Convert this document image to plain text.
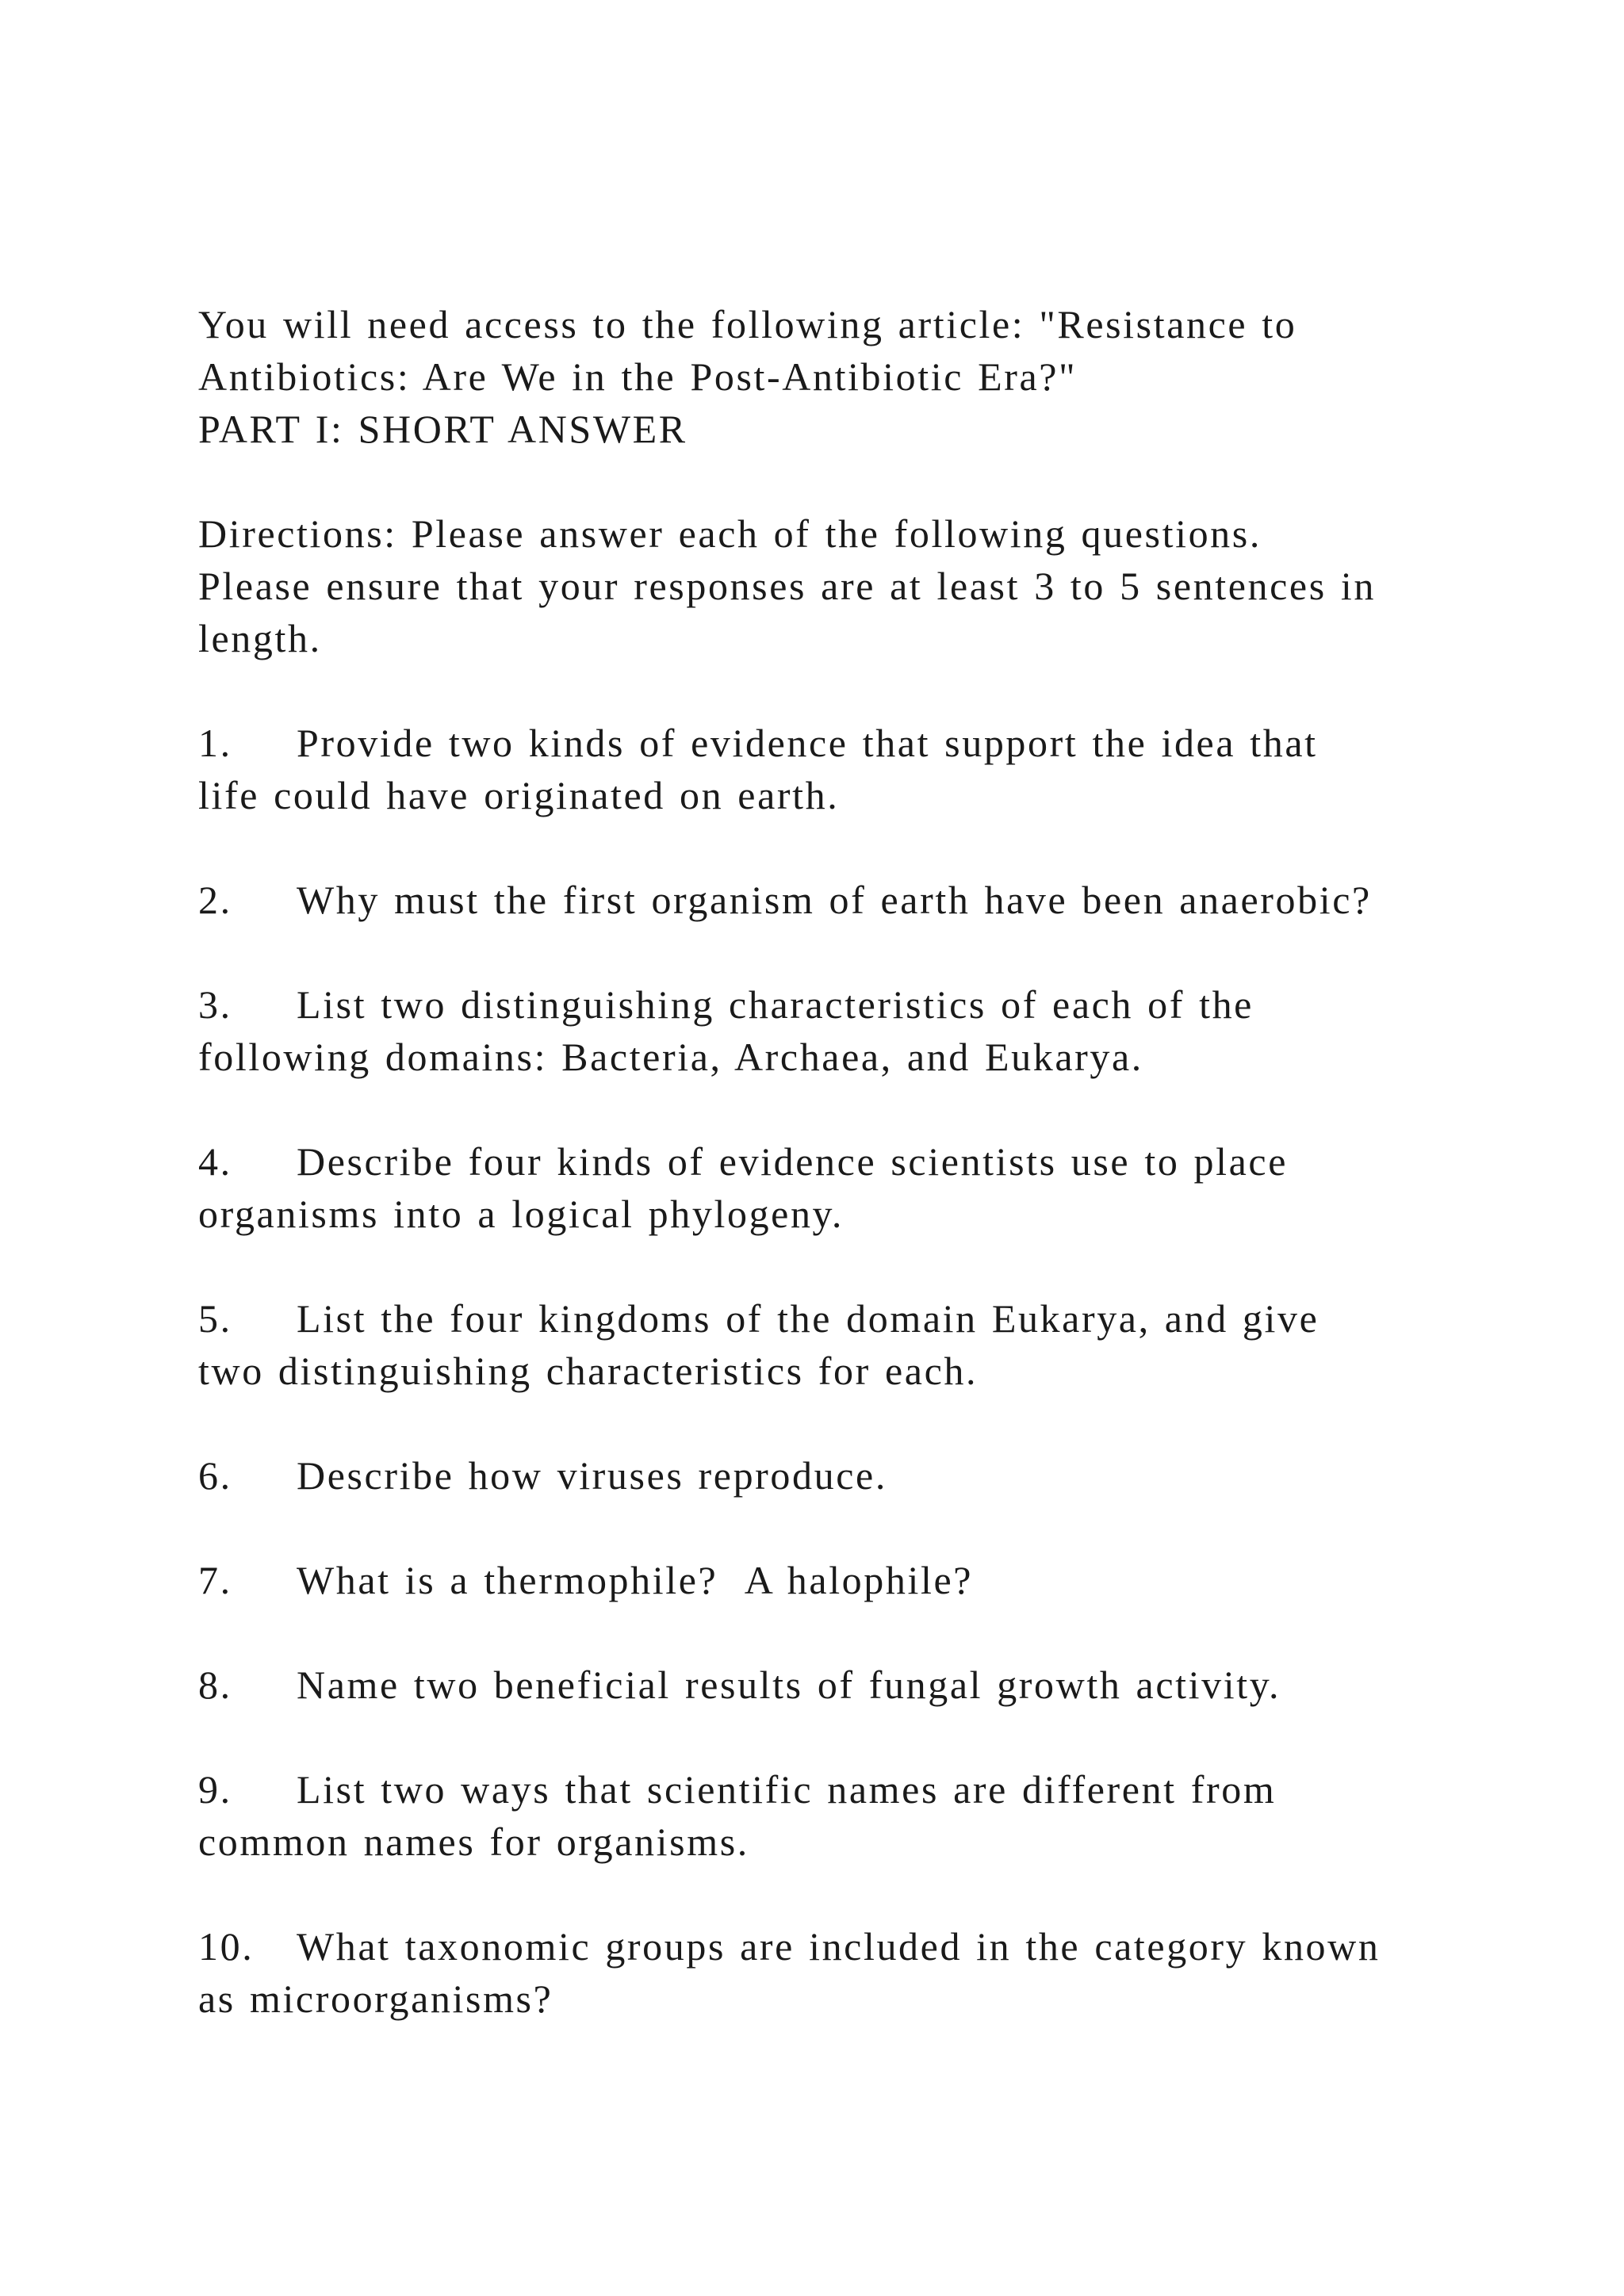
You will need access to the following article: "Resistance to
Antibiotics: Are We in the Post-Antibiotic Era?"
PART I: SHORT ANSWER
Directions: Please answer each of the following questions.
Please ensure that your responses are at least 3 to 5 sentences in
length.
1. Provide two kinds of evidence that support the idea that
life could have originated on earth.
2. Why must the first organism of earth have been anaerobic?
3. List two distinguishing characteristics of each of the
following domains: Bacteria, Archaea, and Eukarya.
4. Describe four kinds of evidence scientists use to place
organisms into a logical phylogeny.
5. List the four kingdoms of the domain Eukarya, and give
two distinguishing characteristics for each.
6. Describe how viruses reproduce.
7. What is a thermophile?  A halophile?
8. Name two beneficial results of fungal growth activity.
9. List two ways that scientific names are different from
common names for organisms.
10. What taxonomic groups are included in the category known
as microorganisms?
